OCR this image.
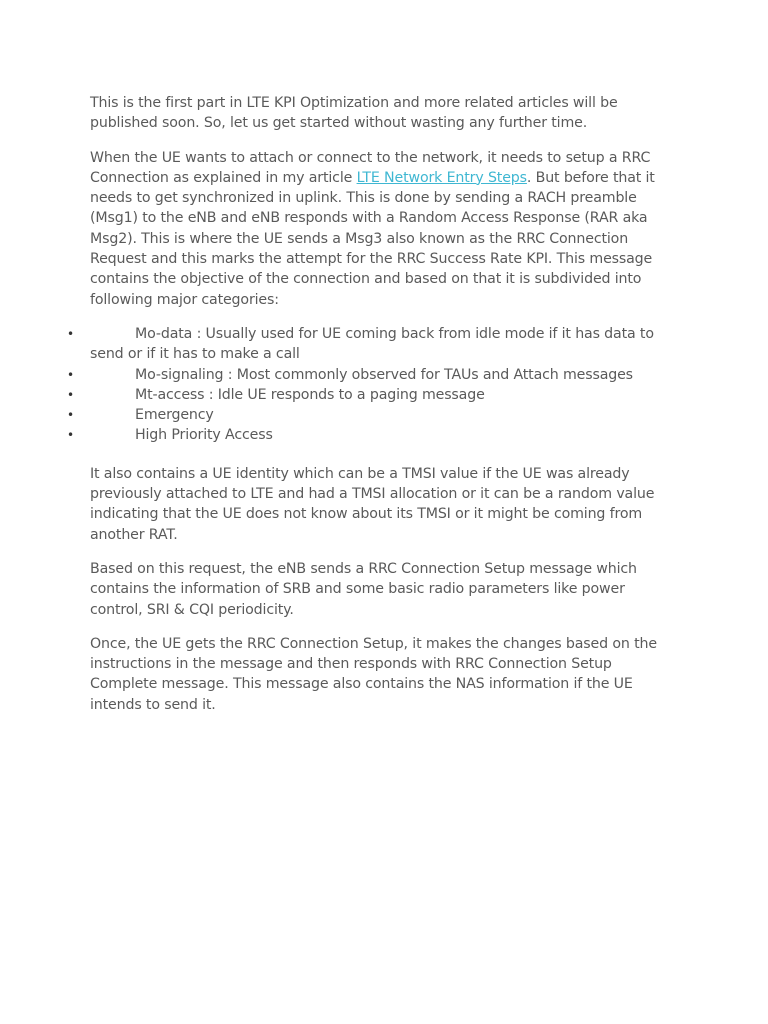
This is the first part in LTE KPI Optimization and more related articles will be published soon. So, let us get started without wasting any further time.

When the UE wants to attach or connect to the network, it needs to setup a RRC Connection as explained in my article LTE Network Entry Steps. But before that it needs to get synchronized in uplink. This is done by sending a RACH preamble (Msg1) to the eNB and eNB responds with a Random Access Response (RAR aka Msg2). This is where the UE sends a Msg3 also known as the RRC Connection Request and this marks the attempt for the RRC Success Rate KPI. This message contains the objective of the connection and based on that it is subdivided into following major categories:

•	Mo-data : Usually used for UE coming back from idle mode if it has data to send or if it has to make a call
•	Mo-signaling : Most commonly observed for TAUs and Attach messages
•	Mt-access : Idle UE responds to a paging message
•	Emergency
•	High Priority Access

It also contains a UE identity which can be a TMSI value if the UE was already previously attached to LTE and had a TMSI allocation or it can be a random value indicating that the UE does not know about its TMSI or it might be coming from another RAT.

Based on this request, the eNB sends a RRC Connection Setup message which contains the information of SRB and some basic radio parameters like power control, SRI & CQI periodicity.

Once, the UE gets the RRC Connection Setup, it makes the changes based on the instructions in the message and then responds with RRC Connection Setup Complete message. This message also contains the NAS information if the UE intends to send it.
